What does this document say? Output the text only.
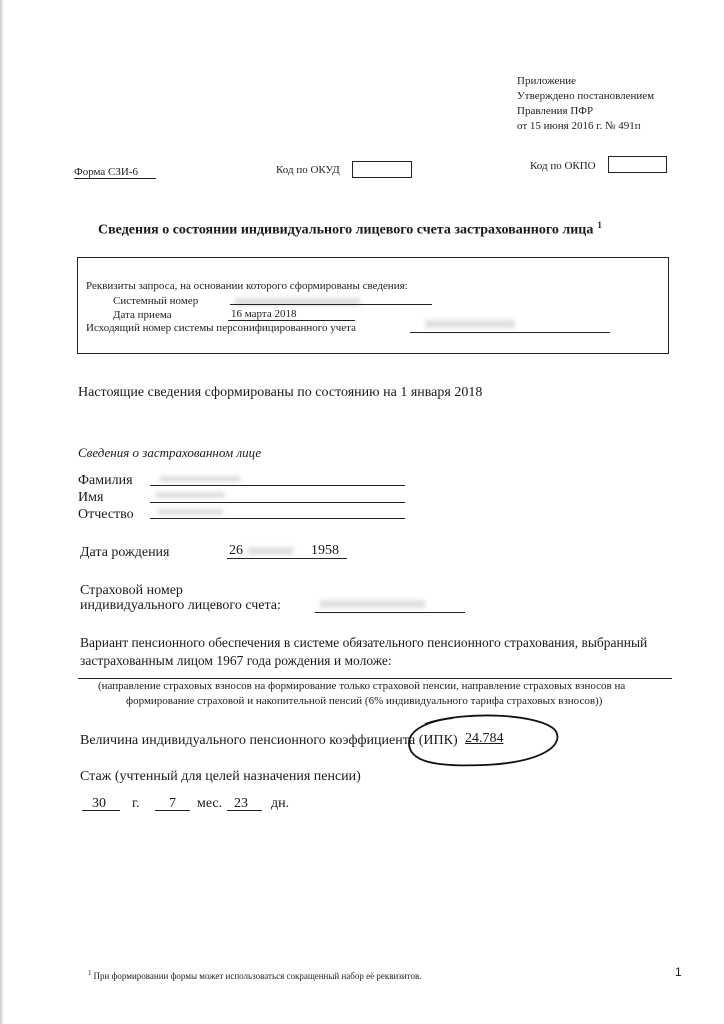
Приложение
Утверждено постановлением
Правления ПФР
от 15 июня 2016 г. № 491п
Форма СЗИ-6	Код по ОКУД	Код по ОКПО
Сведения о состоянии индивидуального лицевого счета застрахованного лица $^1$
Реквизиты запроса, на основании которого сформированы сведения:
Системный номер
Дата приема	16 марта 2018
Исходящий номер системы персонифицированного учета
Настоящие сведения сформированы по состоянию на 1 января 2018
Сведения о застрахованном лице
Фамилия
Имя
Отчество
Дата рождения	26	1958
Страховой номер
индивидуального лицевого счета:
Вариант пенсионного обеспечения в системе обязательного пенсионного страхования, выбранный
застрахованным лицом 1967 года рождения и моложе:
(направление страховых взносов на формирование только страховой пенсии, направление страховых взносов на
формирование страховой и накопительной пенсий (6% индивидуального тарифа страховых взносов))
Величина индивидуального пенсионного коэффициента (ИПК) 24.784
Стаж (учтенный для целей назначения пенсии)
30 г. 7 мес. 23 дн.
$^1$ При формировании формы может использоваться сокращенный набор её реквизитов.	1
